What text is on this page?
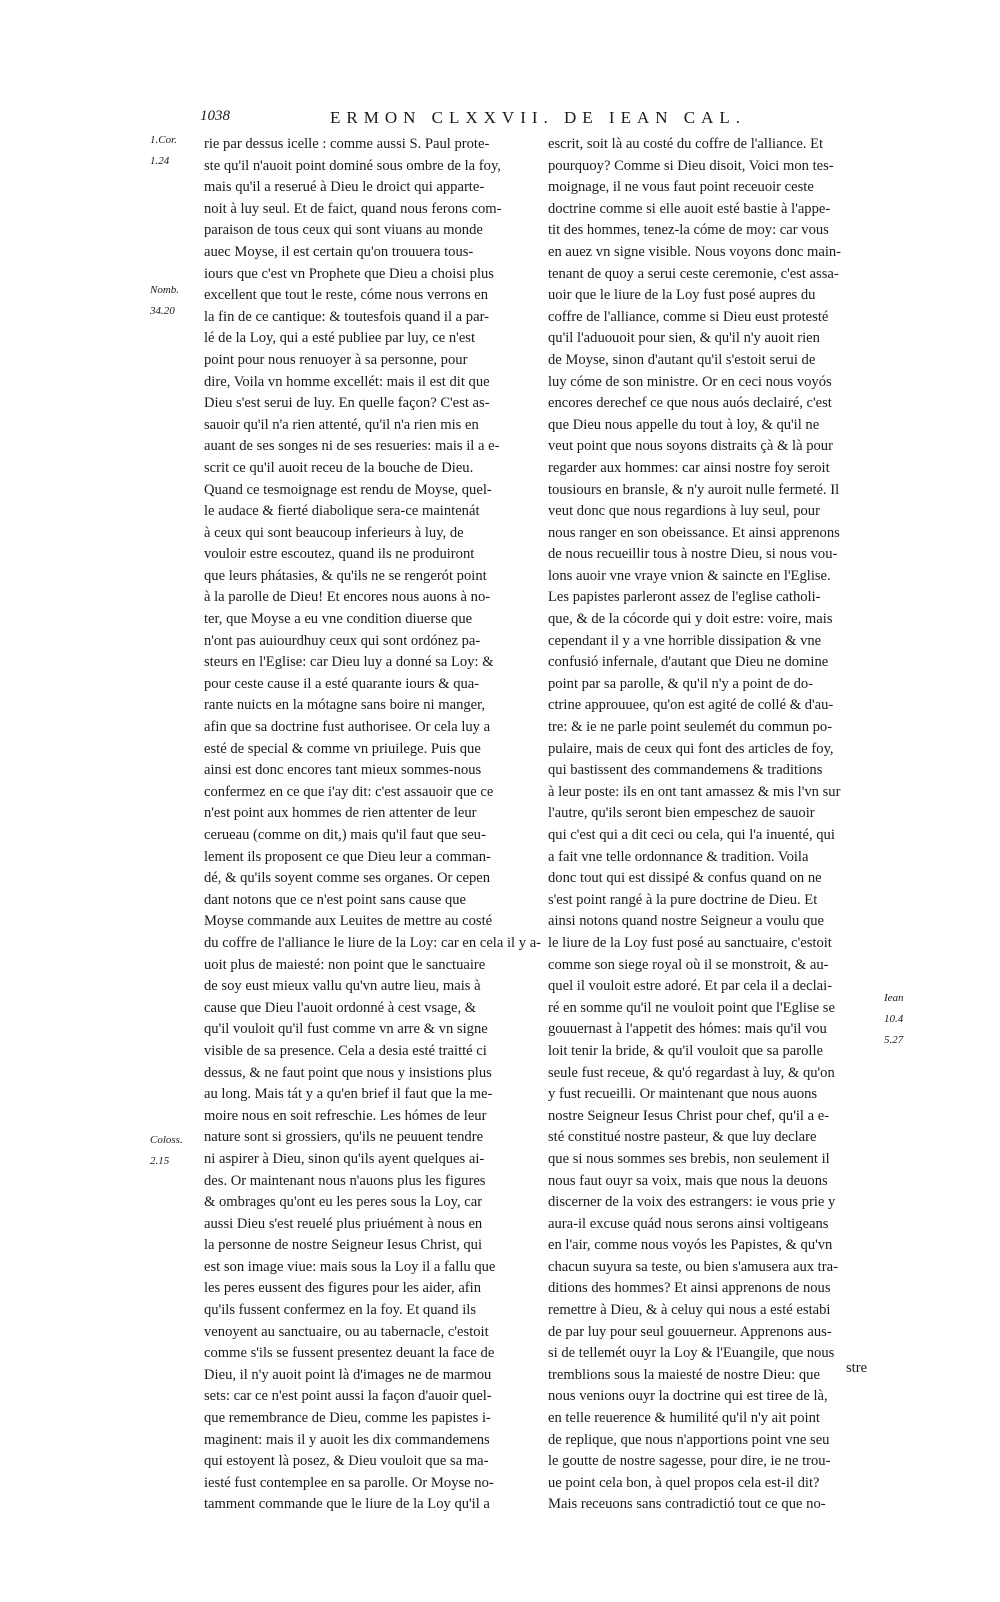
1038	ERMON CLXXVII. DE IEAN CAL.
1.Cor.
1.24
Nomb.
34.20
Coloss.
2.15
Iean
10.4
5.27
rie par dessus icelle : comme aussi S. Paul prote-
ste qu'il n'auoit point dominé sous ombre de la foy,
mais qu'il a reserué à Dieu le droict qui apparte-
noit à luy seul. Et de faict, quand nous ferons com-
paraison de tous ceux qui sont viuans au monde
auec Moyse, il est certain qu'on trouuera tous-
iours que c'est vn Prophete que Dieu a choisi plus
excellent que tout le reste, cóme nous verrons en
la fin de ce cantique: & toutesfois quand il a par-
lé de la Loy, qui a esté publiee par luy, ce n'est
point pour nous renuoyer à sa personne, pour
dire, Voila vn homme excellét: mais il est dit que
Dieu s'est serui de luy. En quelle façon? C'est as-
sauoir qu'il n'a rien attenté, qu'il n'a rien mis en
auant de ses songes ni de ses resueries: mais il a e-
scrit ce qu'il auoit receu de la bouche de Dieu.
Quand ce tesmoignage est rendu de Moyse, quel-
le audace & fierté diabolique sera-ce maintenát
à ceux qui sont beaucoup inferieurs à luy, de
vouloir estre escoutez, quand ils ne produiront
que leurs phátasies, & qu'ils ne se rengerót point
à la parolle de Dieu! Et encores nous auons à no-
ter, que Moyse a eu vne condition diuerse que
n'ont pas auiourdhuy ceux qui sont ordónez pa-
steurs en l'Eglise: car Dieu luy a donné sa Loy: &
pour ceste cause il a esté quarante iours & qua-
rante nuicts en la mótagne sans boire ni manger,
afin que sa doctrine fust authorisee. Or cela luy a
esté de special & comme vn priuilege. Puis que
ainsi est donc encores tant mieux sommes-nous
confermez en ce que i'ay dit: c'est assauoir que ce
n'est point aux hommes de rien attenter de leur
cerueau (comme on dit,) mais qu'il faut que seu-
lement ils proposent ce que Dieu leur a comman-
dé, & qu'ils soyent comme ses organes. Or cepen
dant notons que ce n'est point sans cause que
Moyse commande aux Leuites de mettre au costé
du coffre de l'alliance le liure de la Loy: car en cela il y a-
uoit plus de maiesté: non point que le sanctuaire
de soy eust mieux vallu qu'vn autre lieu, mais à
cause que Dieu l'auoit ordonné à cest vsage, &
qu'il vouloit qu'il fust comme vn arre & vn signe
visible de sa presence. Cela a desia esté traitté ci
dessus, & ne faut point que nous y insistions plus
au long. Mais tát y a qu'en brief il faut que la me-
moire nous en soit refreschie. Les hómes de leur
nature sont si grossiers, qu'ils ne peuuent tendre
ni aspirer à Dieu, sinon qu'ils ayent quelques ai-
des. Or maintenant nous n'auons plus les figures
& ombrages qu'ont eu les peres sous la Loy, car
aussi Dieu s'est reuelé plus priuément à nous en
la personne de nostre Seigneur Iesus Christ, qui
est son image viue: mais sous la Loy il a fallu que
les peres eussent des figures pour les aider, afin
qu'ils fussent confermez en la foy. Et quand ils
venoyent au sanctuaire, ou au tabernacle, c'estoit
comme s'ils se fussent presentez deuant la face de
Dieu, il n'y auoit point là d'images ne de marmou
sets: car ce n'est point aussi la façon d'auoir quel-
que remembrance de Dieu, comme les papistes i-
maginent: mais il y auoit les dix commandemens
qui estoyent là posez, & Dieu vouloit que sa ma-
iesté fust contemplee en sa parolle. Or Moyse no-
tamment commande que le liure de la Loy qu'il a
escrit, soit là au costé du coffre de l'alliance. Et
pourquoy? Comme si Dieu disoit, Voici mon tes-
moignage, il ne vous faut point receuoir ceste
doctrine comme si elle auoit esté bastie à l'appe-
tit des hommes, tenez-la cóme de moy: car vous
en auez vn signe visible. Nous voyons donc main-
tenant de quoy a serui ceste ceremonie, c'est assa-
uoir que le liure de la Loy fust posé aupres du
coffre de l'alliance, comme si Dieu eust protesté
qu'il l'aduouoit pour sien, & qu'il n'y auoit rien
de Moyse, sinon d'autant qu'il s'estoit serui de
luy cóme de son ministre. Or en ceci nous voyós
encores derechef ce que nous auós declairé, c'est
que Dieu nous appelle du tout à loy, & qu'il ne
veut point que nous soyons distraits çà & là pour
regarder aux hommes: car ainsi nostre foy seroit
tousiours en bransle, & n'y auroit nulle fermeté. Il
veut donc que nous regardions à luy seul, pour
nous ranger en son obeissance. Et ainsi apprenons
de nous recueillir tous à nostre Dieu, si nous vou-
lons auoir vne vraye vnion & saincte en l'Eglise.
Les papistes parleront assez de l'eglise catholi-
que, & de la cócorde qui y doit estre: voire, mais
cependant il y a vne horrible dissipation & vne
confusió infernale, d'autant que Dieu ne domine
point par sa parolle, & qu'il n'y a point de do-
ctrine approuuee, qu'on est agité de collé & d'au-
tre: & ie ne parle point seulemét du commun po-
pulaire, mais de ceux qui font des articles de foy,
qui bastissent des commandemens & traditions
à leur poste: ils en ont tant amassez & mis l'vn sur
l'autre, qu'ils seront bien empeschez de sauoir
qui c'est qui a dit ceci ou cela, qui l'a inuenté, qui
a fait vne telle ordonnance & tradition. Voila
donc tout qui est dissipé & confus quand on ne
s'est point rangé à la pure doctrine de Dieu. Et
ainsi notons quand nostre Seigneur a voulu que
le liure de la Loy fust posé au sanctuaire, c'estoit
comme son siege royal où il se monstroit, & au-
quel il vouloit estre adoré. Et par cela il a declai-
ré en somme qu'il ne vouloit point que l'Eglise se
gouuernast à l'appetit des hómes: mais qu'il vou
loit tenir la bride, & qu'il vouloit que sa parolle
seule fust receue, & qu'ó regardast à luy, & qu'on
y fust recueilli. Or maintenant que nous auons
nostre Seigneur Iesus Christ pour chef, qu'il a e-
sté constitué nostre pasteur, & que luy declare
que si nous sommes ses brebis, non seulement il
nous faut ouyr sa voix, mais que nous la deuons
discerner de la voix des estrangers: ie vous prie y
aura-il excuse quád nous serons ainsi voltigeans
en l'air, comme nous voyós les Papistes, & qu'vn
chacun suyura sa teste, ou bien s'amusera aux tra-
ditions des hommes? Et ainsi apprenons de nous
remettre à Dieu, & à celuy qui nous a esté estabi
de par luy pour seul gouuerneur. Apprenons aus-
si de tellemét ouyr la Loy & l'Euangile, que nous
tremblions sous la maiesté de nostre Dieu: que
nous venions ouyr la doctrine qui est tiree de là,
en telle reuerence & humilité qu'il n'y ait point
de replique, que nous n'apportions point vne seu
le goutte de nostre sagesse, pour dire, ie ne trou-
ue point cela bon, à quel propos cela est-il dit?
Mais receuons sans contradictió tout ce que no-
stre
